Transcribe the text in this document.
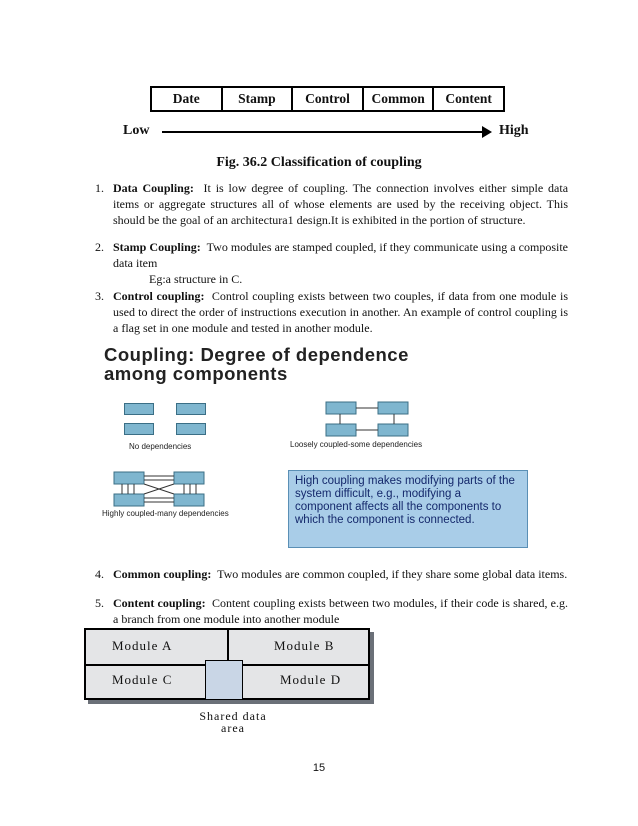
Date	Stamp	Control	Common	Content
Low	High
Fig. 36.2 Classification of coupling
1. Data Coupling: It is low degree of coupling. The connection involves either simple data items or aggregate structures all of whose elements are used by the receiving object. This should be the goal of an architectura1 design.It is exhibited in the portion of structure.
2. Stamp Coupling: Two modules are stamped coupled, if they communicate using a composite data item
Eg:a structure in C.
3. Control coupling: Control coupling exists between two couples, if data from one module is used to direct the order of instructions execution in another. An example of control coupling is a flag set in one module and tested in another module.
Coupling: Degree of dependence
among components
No dependencies	Loosely coupled-some dependencies
Highly coupled-many dependencies
High coupling makes modifying parts of the system difficult, e.g., modifying a component affects all the components to which the component is connected.
4. Common coupling: Two modules are common coupled, if they share some global data items.
5. Content coupling: Content coupling exists between two modules, if their code is shared, e.g. a branch from one module into another module
Module A	Module B
Module C	Module D
Shared data
area
15
